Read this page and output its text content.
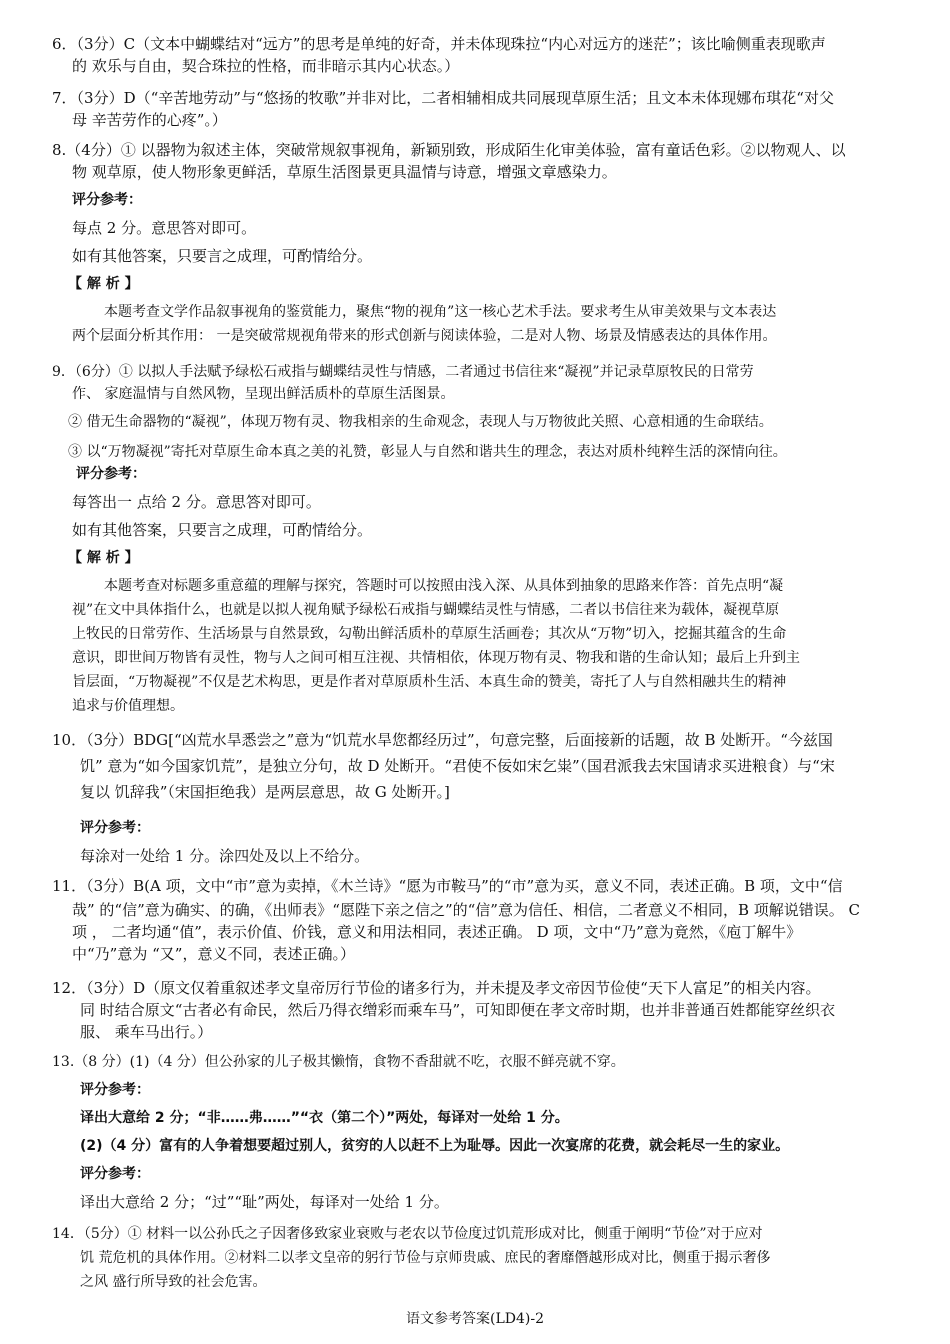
6．（3分）C（文本中蝴蝶结对“远方”的思考是单纯的好奇，并未体现珠拉“内心对远方的迷茫”；该比喻侧重表现歌声
的 欢乐与自由，契合珠拉的性格，而非暗示其内心状态。）
7．（3分）D（“辛苦地劳动”与“悠扬的牧歌”并非对比，二者相辅相成共同展现草原生活；且文本未体现娜布琪花“对父
母 辛苦劳作的心疼”。）
8.（4分）① 以器物为叙述主体，突破常规叙事视角，新颖别致，形成陌生化审美体验，富有童话色彩。②以物观人、以
物 观草原，使人物形象更鲜活，草原生活图景更具温情与诗意，增强文章感染力。
评分参考：
每点 2 分。意思答对即可。
如有其他答案，只要言之成理，可酌情给分。
【 解 析 】
本题考查文学作品叙事视角的鉴赏能力，聚焦“物的视角”这一核心艺术手法。要求考生从审美效果与文本表达
两个层面分析其作用： 一是突破常规视角带来的形式创新与阅读体验，二是对人物、场景及情感表达的具体作用。
9．（6分）① 以拟人手法赋予绿松石戒指与蝴蝶结灵性与情感，二者通过书信往来“凝视”并记录草原牧民的日常劳
作、 家庭温情与自然风物，呈现出鲜活质朴的草原生活图景。
② 借无生命器物的“凝视”，体现万物有灵、物我相亲的生命观念，表现人与万物彼此关照、心意相通的生命联结。
③ 以“万物凝视”寄托对草原生命本真之美的礼赞，彰显人与自然和谐共生的理念，表达对质朴纯粹生活的深情向往。
评分参考：
每答出一 点给 2 分。意思答对即可。
如有其他答案，只要言之成理，可酌情给分。
【 解 析 】
本题考查对标题多重意蕴的理解与探究，答题时可以按照由浅入深、从具体到抽象的思路来作答：首先点明“凝
视”在文中具体指什么，也就是以拟人视角赋予绿松石戒指与蝴蝶结灵性与情感，二者以书信往来为载体，凝视草原
上牧民的日常劳作、生活场景与自然景致，勾勒出鲜活质朴的草原生活画卷；其次从“万物”切入，挖掘其蕴含的生命
意识，即世间万物皆有灵性，物与人之间可相互注视、共情相依，体现万物有灵、物我和谐的生命认知；最后上升到主
旨层面，“万物凝视”不仅是艺术构思，更是作者对草原质朴生活、本真生命的赞美，寄托了人与自然相融共生的精神
追求与价值理想。
10．（3分）BDG[“凶荒水旱悉尝之”意为“饥荒水旱您都经历过”，句意完整，后面接新的话题，故 B 处断开。“今兹国
饥” 意为“如今国家饥荒”，是独立分句，故 D 处断开。“君使不佞如宋乞粜”（国君派我去宋国请求买进粮食）与“宋
复以 饥辞我”（宋国拒绝我）是两层意思，故 G 处断开。]
评分参考：
每涂对一处给 1 分。涂四处及以上不给分。
11．（3分）B(A 项，文中“市”意为卖掉，《木兰诗》“愿为市鞍马”的“市”意为买，意义不同，表述正确。B 项，文中“信
哉” 的“信”意为确实、的确，《出师表》“愿陛下亲之信之”的“信”意为信任、相信，二者意义不相同，B 项解说错误。 C
项 ， 二者均通“值”，表示价值、价钱，意义和用法相同，表述正确。 D 项，文中“乃”意为竟然，《庖丁解牛》
中“乃”意为 “又”，意义不同，表述正确。）
12．（3分）D（原文仅着重叙述孝文皇帝厉行节俭的诸多行为，并未提及孝文帝因节俭使“天下人富足”的相关内容。
同 时结合原文“古者必有命民，然后乃得衣缯彩而乘车马”，可知即便在孝文帝时期，也并非普通百姓都能穿丝织衣
服、 乘车马出行。）
13.（8 分）(1)（4 分）但公孙家的儿子极其懒惰，食物不香甜就不吃，衣服不鲜亮就不穿。
评分参考：
译出大意给 2 分；“非……弗……”“衣（第二个）”两处，每译对一处给 1 分。
(2)（4 分）富有的人争着想要超过别人，贫穷的人以赶不上为耻辱。因此一次宴席的花费，就会耗尽一生的家业。
评分参考：
译出大意给 2 分；“过”“耻”两处，每译对一处给 1 分。
14．（5分）① 材料一以公孙氏之子因奢侈致家业衰败与老农以节俭度过饥荒形成对比，侧重于阐明“节俭”对于应对
饥 荒危机的具体作用。②材料二以孝文皇帝的躬行节俭与京师贵戚、庶民的奢靡僭越形成对比，侧重于揭示奢侈
之风 盛行所导致的社会危害。
语文参考答案(LD4)-2
